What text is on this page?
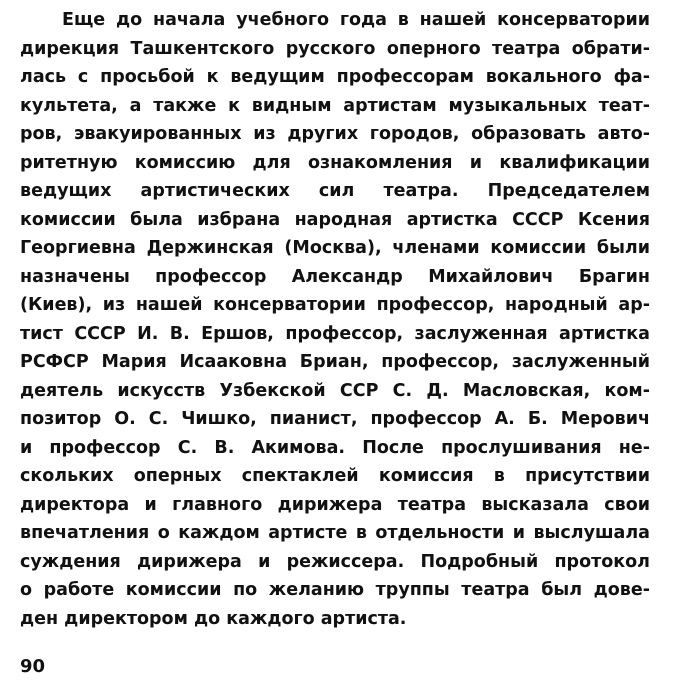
Еще до начала учебного года в нашей консерватории
дирекция Ташкентского русского оперного театра обрати-
лась с просьбой к ведущим профессорам вокального фа-
культета, а также к видным артистам музыкальных теат-
ров, эвакуированных из других городов, образовать авто-
ритетную комиссию для ознакомления и квалификации
ведущих артистических сил театра. Председателем
комиссии была избрана народная артистка СССР Ксения
Георгиевна Держинская (Москва), членами комиссии были
назначены профессор Александр Михайлович Брагин
(Киев), из нашей консерватории профессор, народный ар-
тист СССР И. В. Ершов, профессор, заслуженная артистка
РСФСР Мария Исааковна Бриан, профессор, заслуженный
деятель искусств Узбекской ССР С. Д. Масловская, ком-
позитор О. С. Чишко, пианист, профессор А. Б. Мерович
и профессор С. В. Акимова. После прослушивания не-
скольких оперных спектаклей комиссия в присутствии
директора и главного дирижера театра высказала свои
впечатления о каждом артисте в отдельности и выслушала
суждения дирижера и режиссера. Подробный протокол
о работе комиссии по желанию труппы театра был дове-
ден директором до каждого артиста.
90
